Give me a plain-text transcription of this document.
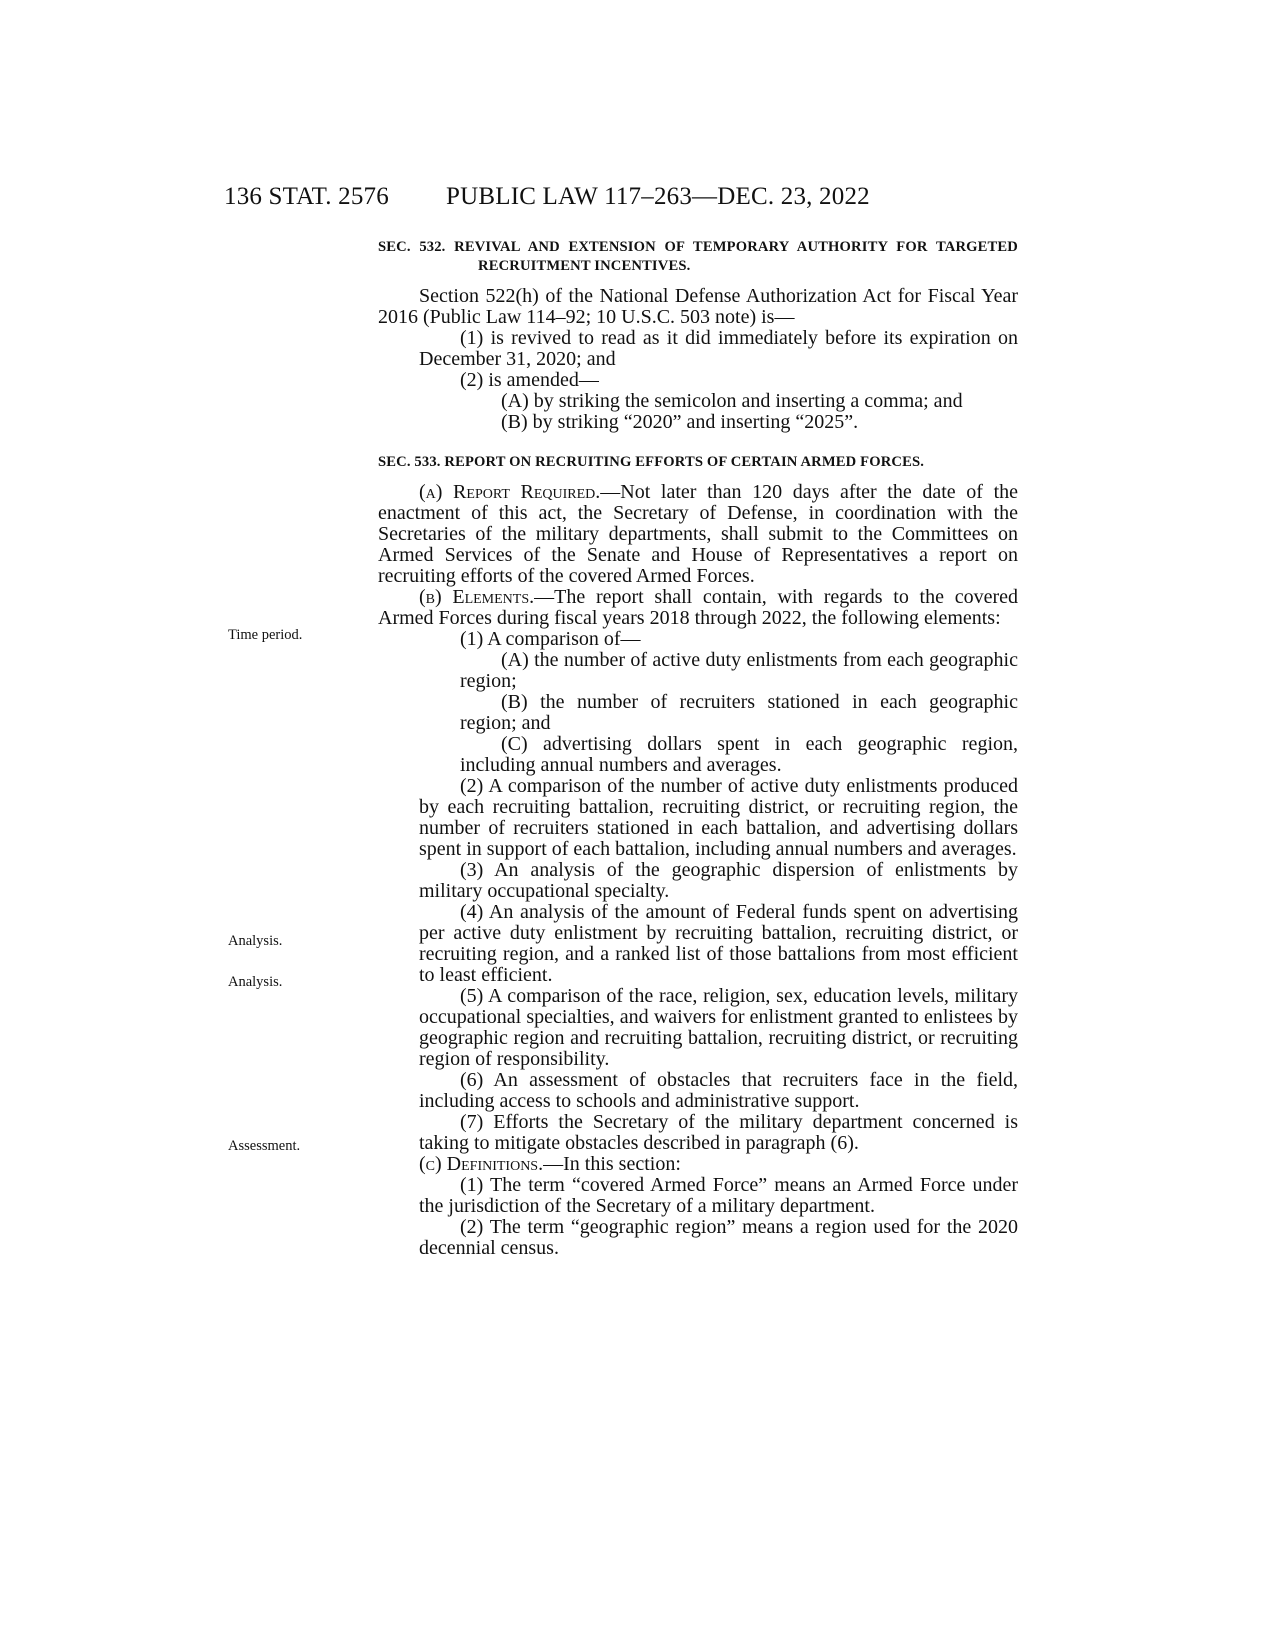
136 STAT. 2576 PUBLIC LAW 117–263—DEC. 23, 2022
Time period.
Analysis.
Analysis.
Assessment.
SEC. 532. REVIVAL AND EXTENSION OF TEMPORARY AUTHORITY FOR TARGETED RECRUITMENT INCENTIVES.

Section 522(h) of the National Defense Authorization Act for Fiscal Year 2016 (Public Law 114–92; 10 U.S.C. 503 note) is—

(1) is revived to read as it did immediately before its expiration on December 31, 2020; and

(2) is amended—

(A) by striking the semicolon and inserting a comma; and

(B) by striking “2020” and inserting “2025”.

SEC. 533. REPORT ON RECRUITING EFFORTS OF CERTAIN ARMED FORCES.

(a) Report Required.—Not later than 120 days after the date of the enactment of this act, the Secretary of Defense, in coordination with the Secretaries of the military departments, shall submit to the Committees on Armed Services of the Senate and House of Representatives a report on recruiting efforts of the covered Armed Forces.

(b) Elements.—The report shall contain, with regards to the covered Armed Forces during fiscal years 2018 through 2022, the following elements:

(1) A comparison of—

(A) the number of active duty enlistments from each geographic region;

(B) the number of recruiters stationed in each geographic region; and

(C) advertising dollars spent in each geographic region, including annual numbers and averages.

(2) A comparison of the number of active duty enlistments produced by each recruiting battalion, recruiting district, or recruiting region, the number of recruiters stationed in each battalion, and advertising dollars spent in support of each battalion, including annual numbers and averages.

(3) An analysis of the geographic dispersion of enlistments by military occupational specialty.

(4) An analysis of the amount of Federal funds spent on advertising per active duty enlistment by recruiting battalion, recruiting district, or recruiting region, and a ranked list of those battalions from most efficient to least efficient.

(5) A comparison of the race, religion, sex, education levels, military occupational specialties, and waivers for enlistment granted to enlistees by geographic region and recruiting battalion, recruiting district, or recruiting region of responsibility.

(6) An assessment of obstacles that recruiters face in the field, including access to schools and administrative support.

(7) Efforts the Secretary of the military department concerned is taking to mitigate obstacles described in paragraph (6).

(c) Definitions.—In this section:

(1) The term “covered Armed Force” means an Armed Force under the jurisdiction of the Secretary of a military department.

(2) The term “geographic region” means a region used for the 2020 decennial census.
